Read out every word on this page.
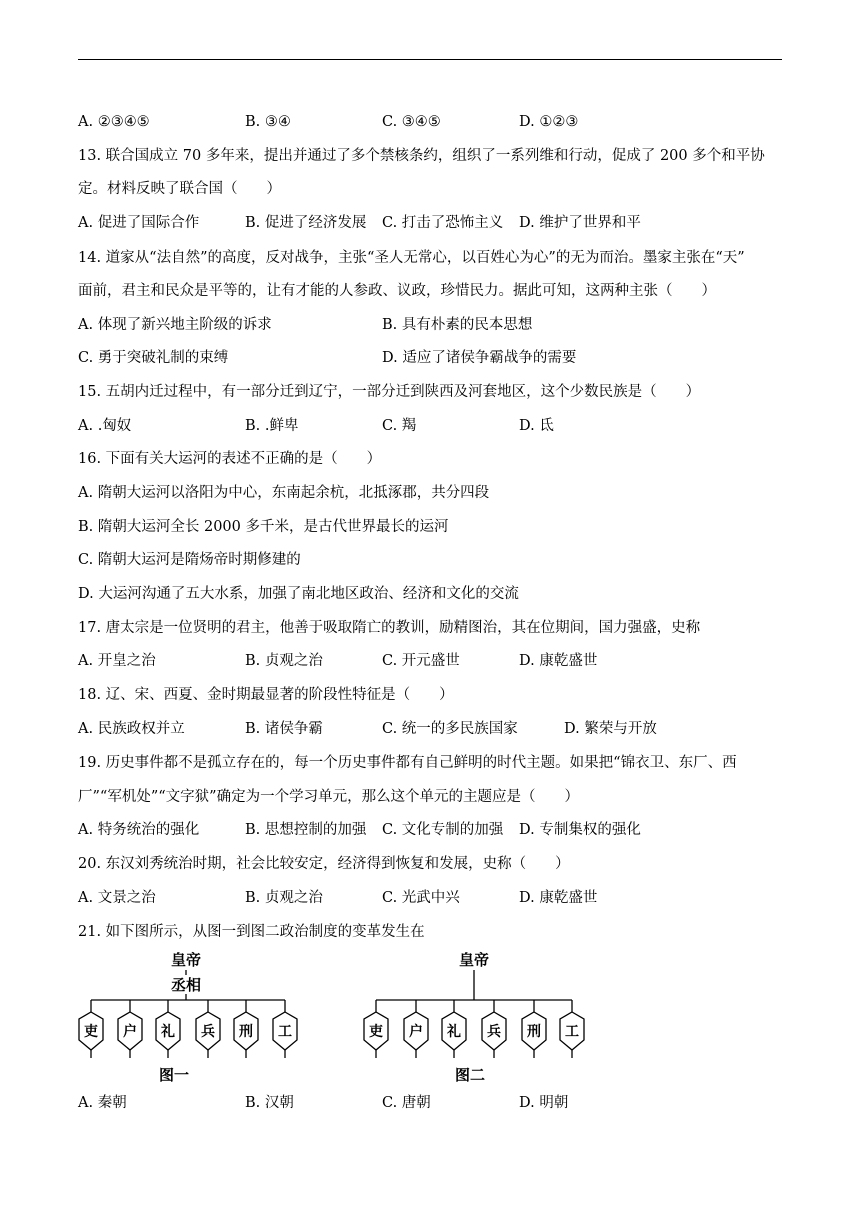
A. ②③④⑤	B. ③④	C. ③④⑤	D. ①②③
13. 联合国成立 70 多年来，提出并通过了多个禁核条约，组织了一系列维和行动，促成了 200 多个和平协
定。材料反映了联合国（　　）
A. 促进了国际合作	B. 促进了经济发展 C. 打击了恐怖主义 D. 维护了世界和平
14. 道家从“法自然”的高度，反对战争，主张“圣人无常心，以百姓心为心”的无为而治。墨家主张在“天”
面前，君主和民众是平等的，让有才能的人参政、议政，珍惜民力。据此可知，这两种主张（　　）
A. 体现了新兴地主阶级的诉求	B. 具有朴素的民本思想
C. 勇于突破礼制的束缚	D. 适应了诸侯争霸战争的需要
15. 五胡内迁过程中，有一部分迁到辽宁，一部分迁到陕西及河套地区，这个少数民族是（　　）
A. .匈奴	B. .鲜卑	C. 羯	D. 氐
16. 下面有关大运河的表述不正确的是（　　）
A. 隋朝大运河以洛阳为中心，东南起余杭，北抵涿郡，共分四段
B. 隋朝大运河全长 2000 多千米，是古代世界最长的运河
C. 隋朝大运河是隋炀帝时期修建的
D. 大运河沟通了五大水系，加强了南北地区政治、经济和文化的交流
17. 唐太宗是一位贤明的君主，他善于吸取隋亡的教训，励精图治，其在位期间，国力强盛，史称
A. 开皇之治	B. 贞观之治	C. 开元盛世	D. 康乾盛世
18. 辽、宋、西夏、金时期最显著的阶段性特征是（　　）
A. 民族政权并立	B. 诸侯争霸	C. 统一的多民族国家	D. 繁荣与开放
19. 历史事件都不是孤立存在的，每一个历史事件都有自己鲜明的时代主题。如果把“锦衣卫、东厂、西
厂”“军机处”“文字狱”确定为一个学习单元，那么这个单元的主题应是（　　）
A. 特务统治的强化	B. 思想控制的加强 C. 文化专制的加强 D. 专制集权的强化
20. 东汉刘秀统治时期，社会比较安定，经济得到恢复和发展，史称（　　）
A. 文景之治	B. 贞观之治	C. 光武中兴	D. 康乾盛世
21. 如下图所示，从图一到图二政治制度的变革发生在
皇帝
丞相
吏 户 礼 兵 刑 工
图一
皇帝
吏 户 礼 兵 刑 工
图二
A. 秦朝	B. 汉朝	C. 唐朝	D. 明朝
